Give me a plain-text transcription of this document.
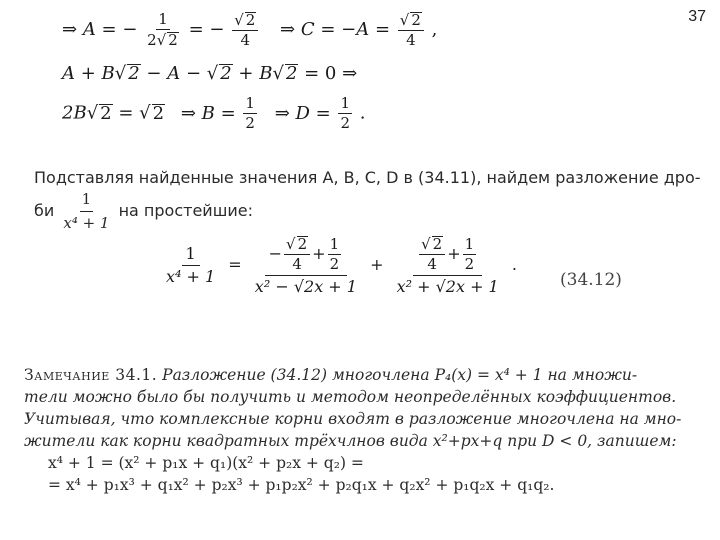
37
⇒ A = − $\frac{1}{2√ 2}$ = − $\frac{√ 2}{4}$ ⇒ $C = -A = \frac{√ 2}{4}$ ,
A + B√ 2 − A − √ 2 + B√ 2 = 0 ⇒
2B√ 2 = √ 2 ⇒ $B = \frac{1}{2}$ ⇒ $D = \frac{1}{2}$ .
Подставляя найденные значения A, B, C, D в (34.11), найдем разложение дро-
би $\frac{1}{\text{x⁴ + 1}}$ на простейшие:
$\frac{1}{\text{x⁴ + 1}}$ =
− $\frac{√ 2}{4} + \frac{1}{2}$
x² − √2x + 1
+ $\frac{\frac{√ 2}{4} + \frac{1}{2}}{\text{x² + √2x + 1}}$ .
(34.12)
Замечание 34.1. Разложение (34.12) многочлена P₄(x) = x⁴ + 1 на множи-
тели можно было бы получить и методом неопределённых коэффициентов.
Учитывая, что комплексные корни входят в разложение многочлена на мно-
жители как корни квадратных трёхчлнов вида x²+px+q при D < 0, запишем:
x⁴ + 1 = (x² + p₁x + q₁)(x² + p₂x + q₂) =
= x⁴ + p₁x³ + q₁x² + p₂x³ + p₁p₂x² + p₂q₁x + q₂x² + p₁q₂x + q₁q₂.
